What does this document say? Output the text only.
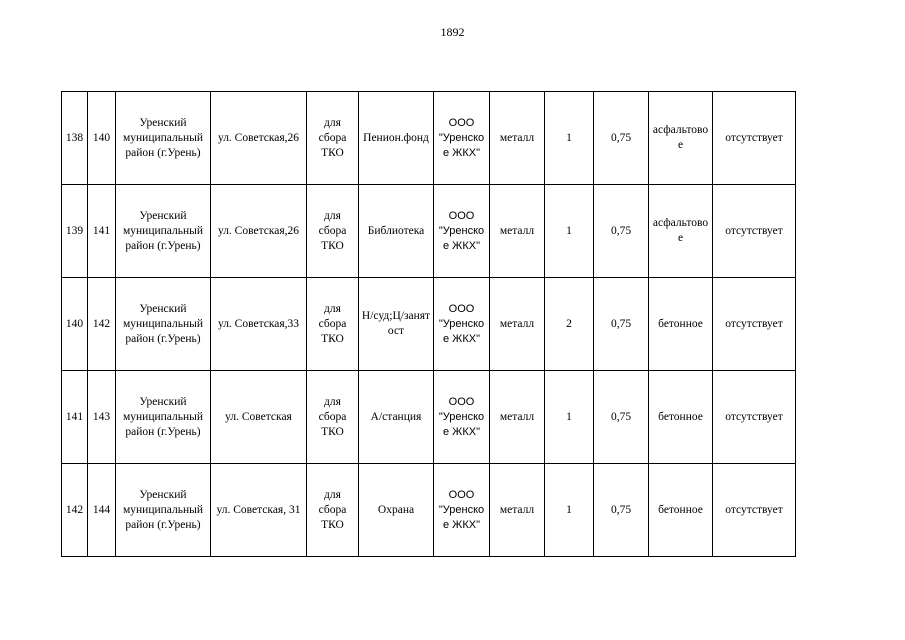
1892
138	140	Уренский
муниципальный
район (г.Урень)	ул. Советская,26	для
сбора
ТКО	Пенион.фонд	ООО
"Уренско
е ЖКХ"	металл	1	0,75	асфальтово
е	отсутствует
139	141	Уренский
муниципальный
район (г.Урень)	ул. Советская,26	для
сбора
ТКО	Библиотека	ООО
"Уренско
е ЖКХ"	металл	1	0,75	асфальтово
е	отсутствует
140	142	Уренский
муниципальный
район (г.Урень)	ул. Советская,33	для
сбора
ТКО	Н/суд;Ц/занят
ост	ООО
"Уренско
е ЖКХ"	металл	2	0,75	бетонное	отсутствует
141	143	Уренский
муниципальный
район (г.Урень)	ул. Советская	для
сбора
ТКО	А/станция	ООО
"Уренско
е ЖКХ"	металл	1	0,75	бетонное	отсутствует
142	144	Уренский
муниципальный
район (г.Урень)	ул. Советская, 31	для
сбора
ТКО	Охрана	ООО
"Уренско
е ЖКХ"	металл	1	0,75	бетонное	отсутствует
